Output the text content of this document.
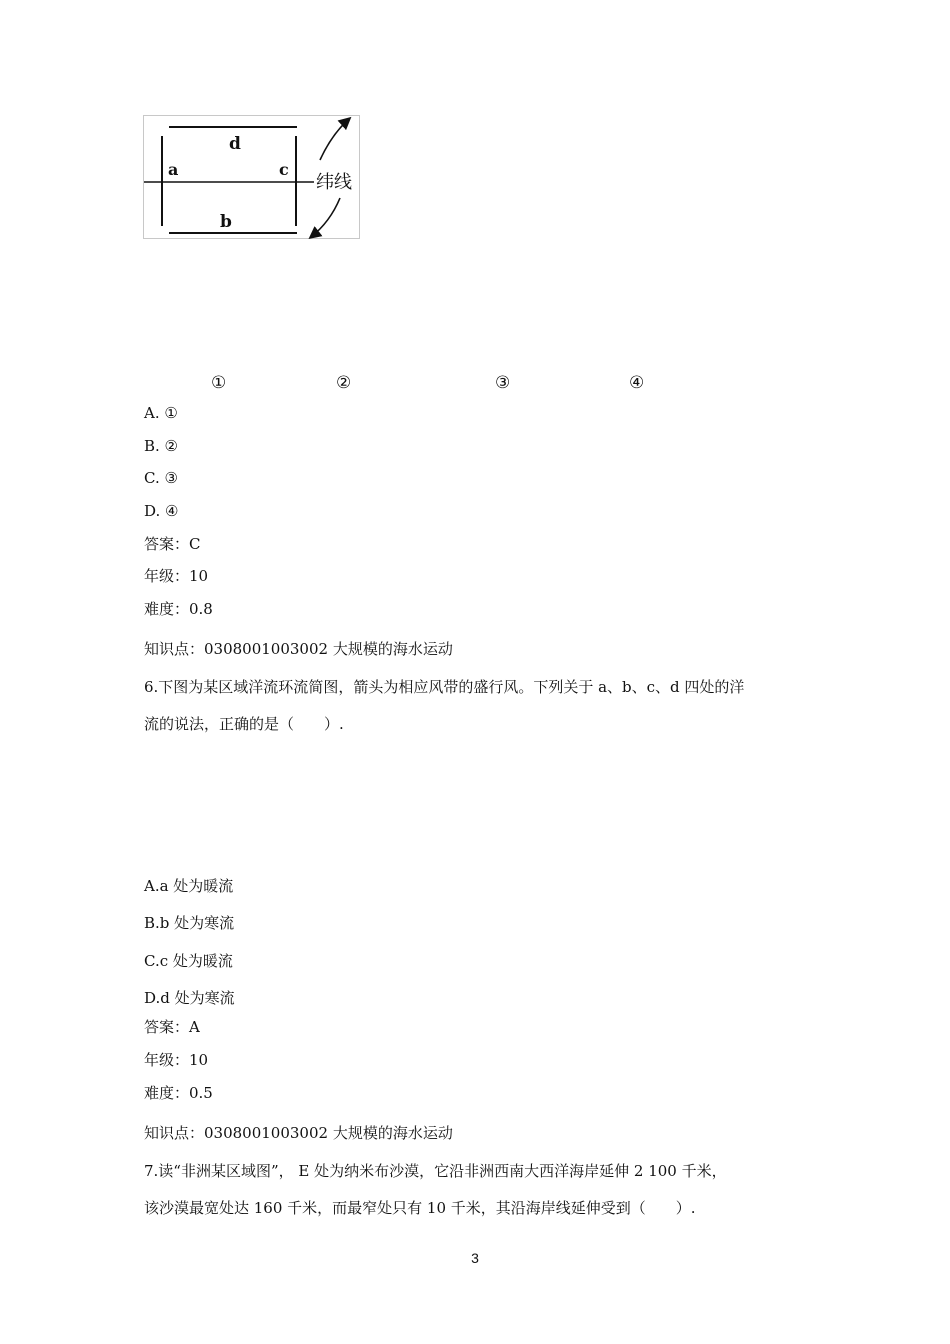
d
a	c
b
纬线
①	②	③	④
A. ①
B. ②
C. ③
D. ④
答案：C
年级：10
难度：0.8
知识点：0308001003002 大规模的海水运动
6.下图为某区域洋流环流简图，箭头为相应风带的盛行风。下列关于 a、b、c、d 四处的洋
流的说法，正确的是（　　）.
A.a 处为暖流
B.b 处为寒流
C.c 处为暖流
D.d 处为寒流
答案：A
年级：10
难度：0.5
知识点：0308001003002 大规模的海水运动
7.读“非洲某区域图”， E 处为纳米布沙漠，它沿非洲西南大西洋海岸延伸 2 100 千米，
该沙漠最宽处达 160 千米，而最窄处只有 10 千米，其沿海岸线延伸受到（　　）.
3
